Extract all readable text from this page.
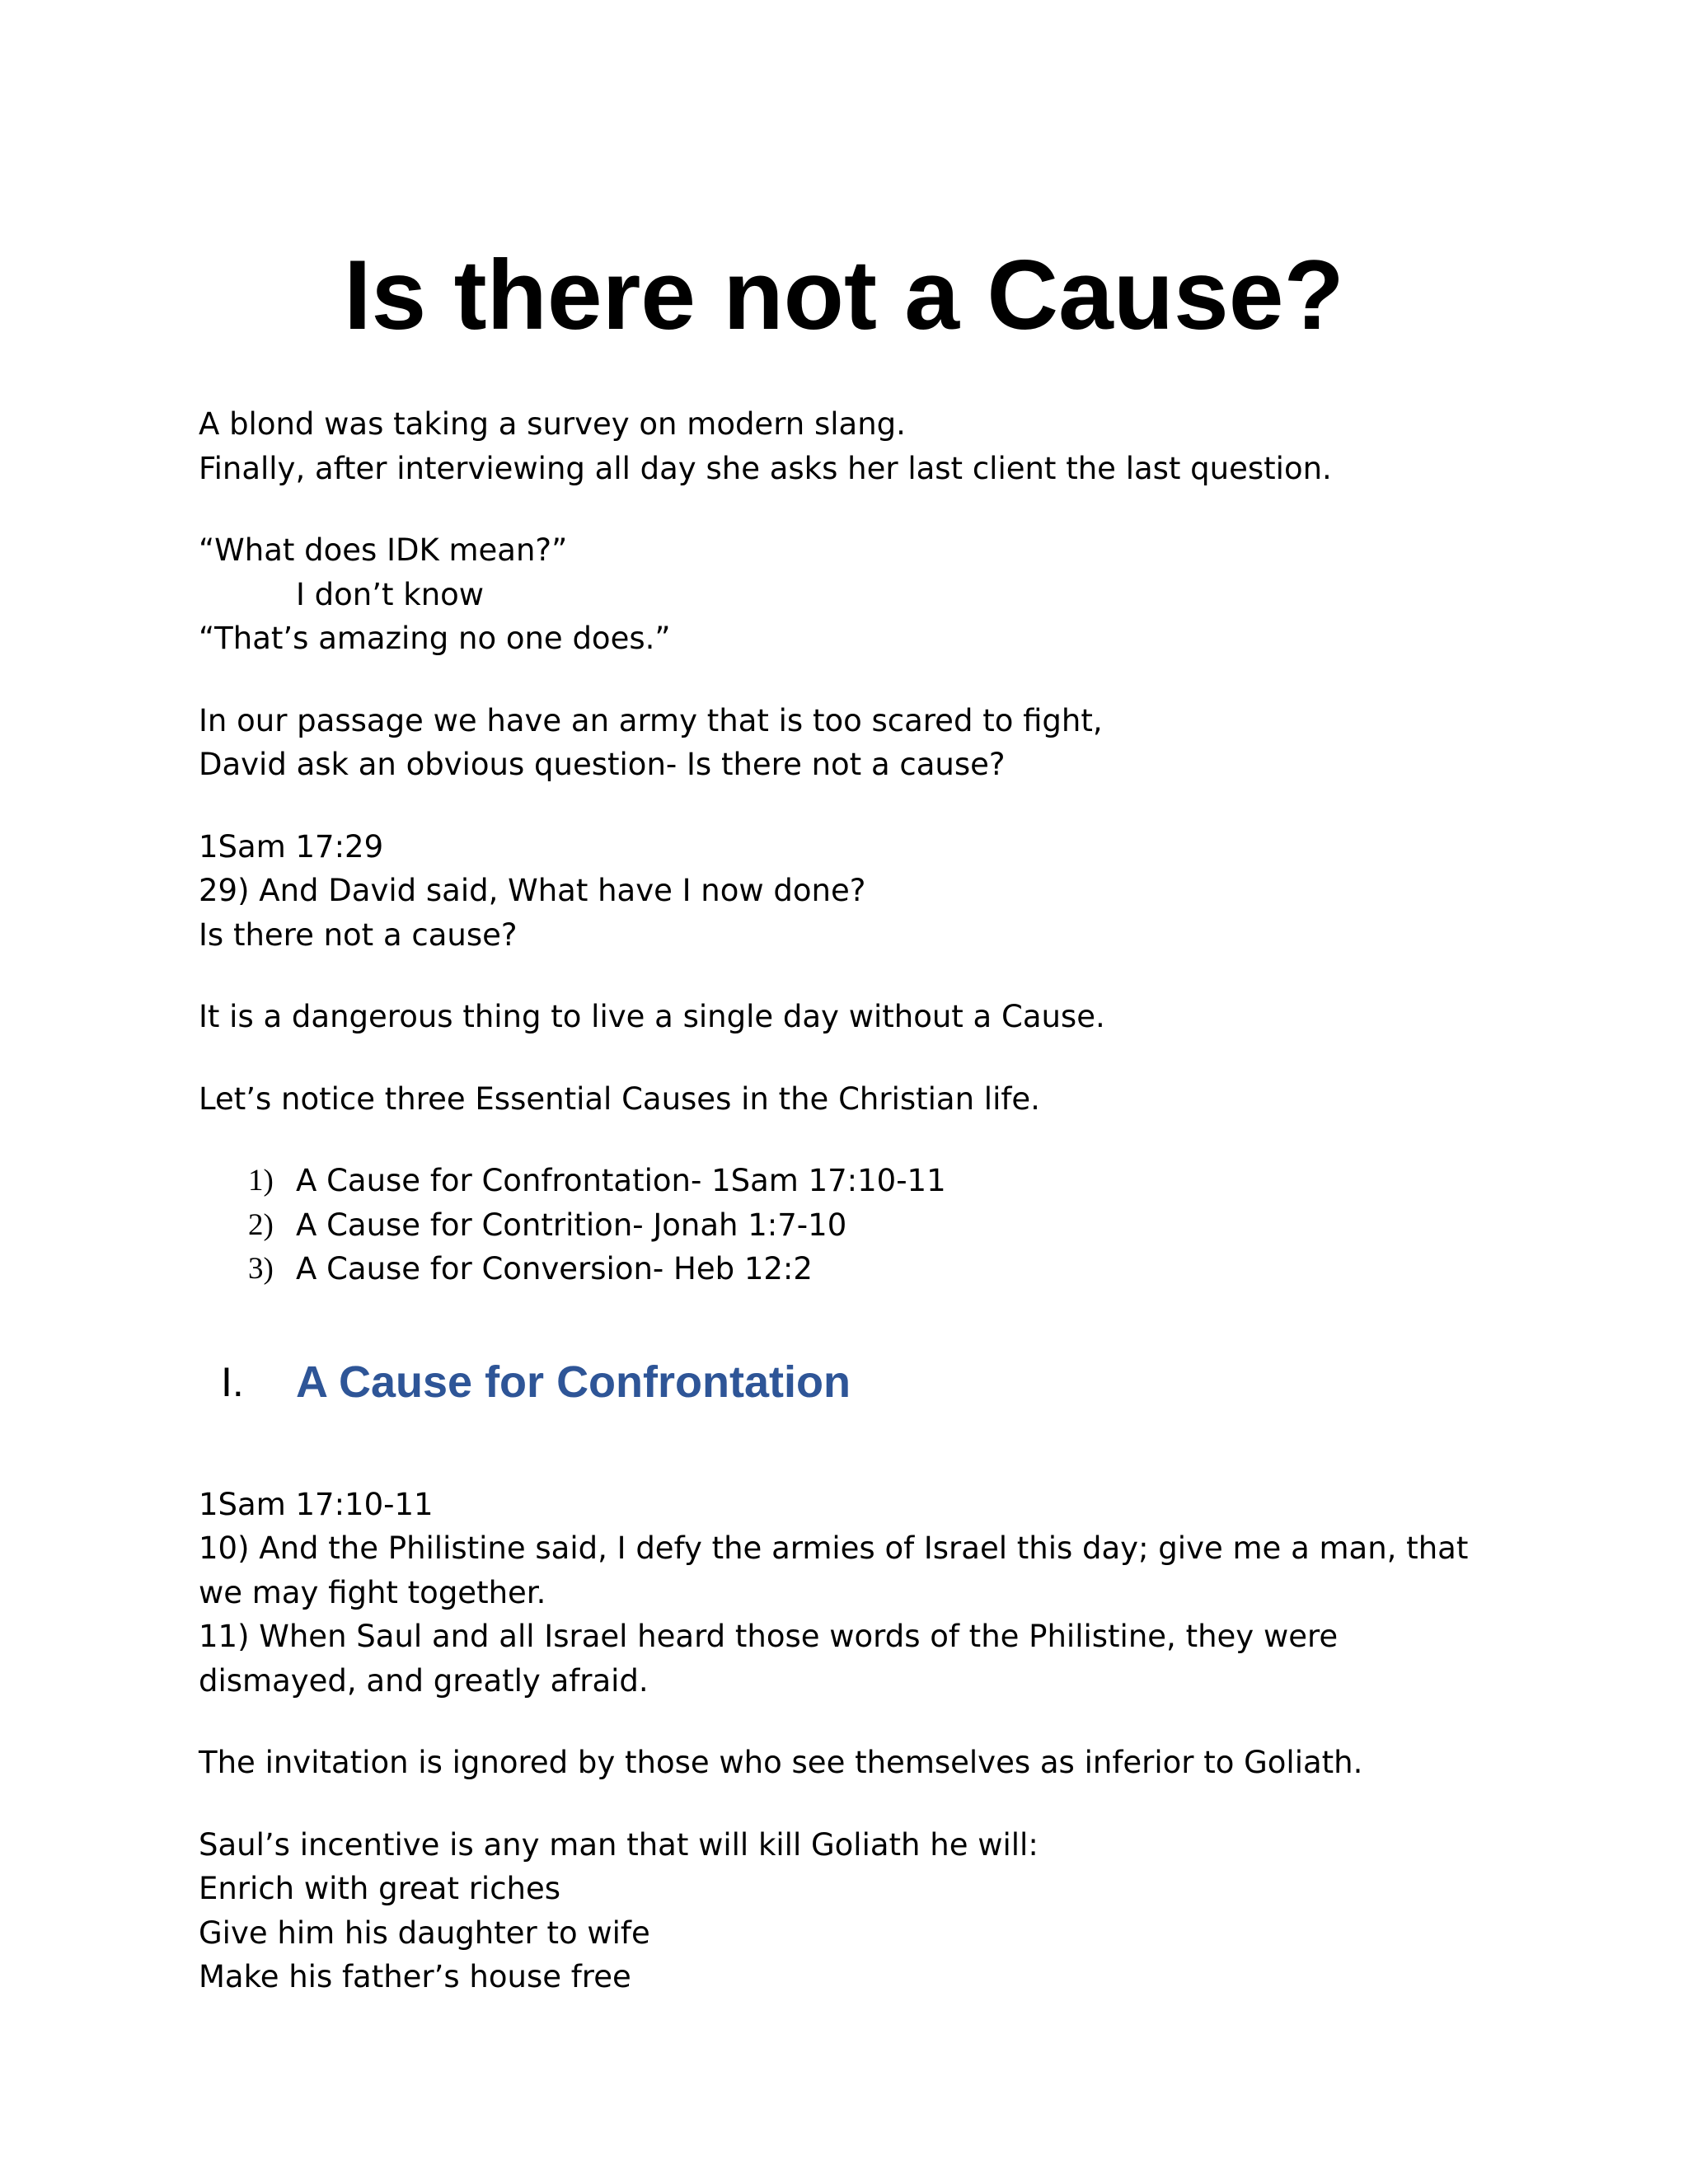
Is there not a Cause?

A blond was taking a survey on modern slang.
Finally, after interviewing all day she asks her last client the last question.

“What does IDK mean?”
I don’t know
“That’s amazing no one does.”

In our passage we have an army that is too scared to fight,
David ask an obvious question- Is there not a cause?

1Sam 17:29
29) And David said, What have I now done?
Is there not a cause?

It is a dangerous thing to live a single day without a Cause.

Let’s notice three Essential Causes in the Christian life.

1) A Cause for Confrontation- 1Sam 17:10-11
2) A Cause for Contrition- Jonah 1:7-10
3) A Cause for Conversion- Heb 12:2
I. A Cause for Confrontation

1Sam 17:10-11
10) And the Philistine said, I defy the armies of Israel this day; give me a man, that we may fight together.
11) When Saul and all Israel heard those words of the Philistine, they were dismayed, and greatly afraid.

The invitation is ignored by those who see themselves as inferior to Goliath.

Saul’s incentive is any man that will kill Goliath he will:
Enrich with great riches
Give him his daughter to wife
Make his father’s house free
